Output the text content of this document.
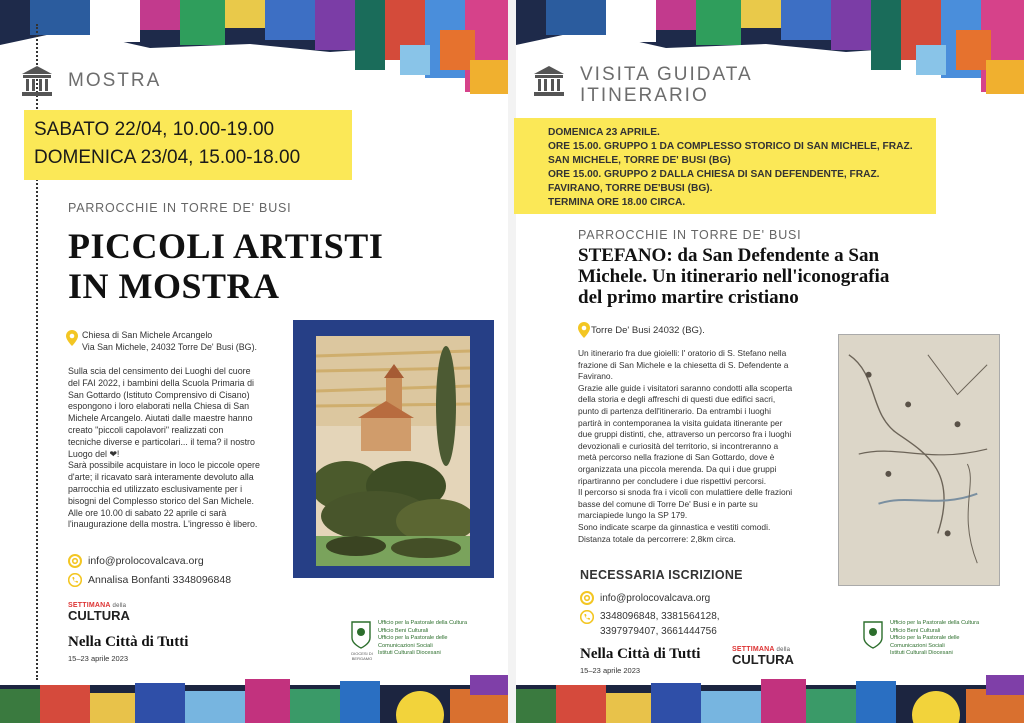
MOSTRA
SABATO 22/04, 10.00-19.00
DOMENICA 23/04, 15.00-18.00
PARROCCHIE IN TORRE DE' BUSI
PICCOLI ARTISTI
IN MOSTRA
Chiesa di San Michele Arcangelo
Via San Michele, 24032 Torre De' Busi (BG).
Sulla scia del censimento dei Luoghi del cuore
del FAI 2022, i bambini della Scuola Primaria di
San Gottardo (Istituto Comprensivo di Cisano)
espongono i loro elaborati nella Chiesa di San
Michele Arcangelo. Aiutati dalle maestre hanno
creato "piccoli capolavori" realizzati con
tecniche diverse e particolari... il tema? il nostro
Luogo del ❤!
Sarà possibile acquistare in loco le piccole opere
d'arte; il ricavato sarà interamente devoluto alla
parrocchia ed utilizzato esclusivamente per i
bisogni del Complesso storico del San Michele.
Alle ore 10.00 di sabato 22 aprile ci sarà
l'inaugurazione della mostra. L'ingresso è libero.
info@prolocovalcava.org
Annalisa Bonfanti 3348096848
SETTIMANA della
CULTURA
Nella Città di Tutti
15–23 aprile 2023
DIOCESI DI BERGAMO
Ufficio per la Pastorale della Cultura
Ufficio Beni Culturali
Ufficio per la Pastorale delle
Comunicazioni Sociali
Istituti Culturali Diocesani
VISITA GUIDATA
ITINERARIO
DOMENICA 23 APRILE.
ORE 15.00. GRUPPO 1 DA COMPLESSO STORICO DI SAN MICHELE, FRAZ.
SAN MICHELE, TORRE DE' BUSI (BG)
ORE 15.00. GRUPPO 2 DALLA CHIESA DI SAN DEFENDENTE, FRAZ.
FAVIRANO, TORRE DE'BUSI (BG).
TERMINA ORE 18.00 CIRCA.
PARROCCHIE IN TORRE DE' BUSI
STEFANO: da San Defendente a San
Michele. Un itinerario nell'iconografia
del primo martire cristiano
Torre De' Busi 24032 (BG).
Un itinerario fra due gioielli: l' oratorio di S. Stefano nella
frazione di San Michele e la chiesetta di S. Defendente a
Favirano.
Grazie alle guide i visitatori saranno condotti alla scoperta
della storia e degli affreschi di questi due edifici sacri,
punto di partenza dell'itinerario. Da entrambi i luoghi
partirà in contemporanea la visita guidata itinerante per
due gruppi distinti, che, attraverso un percorso fra i luoghi
devozionali e curiosità del territorio, si incontreranno a
metà percorso nella frazione di San Gottardo, dove è
organizzata una piccola merenda. Da qui i due gruppi
ripartiranno per concludere i due rispettivi percorsi.
Il percorso si snoda fra i vicoli con mulattiere delle frazioni
basse del comune di Torre De' Busi e in parte su
marciapiede lungo la SP 179.
Sono indicate scarpe da ginnastica e vestiti comodi.
Distanza totale da percorrere: 2,8km circa.
NECESSARIA ISCRIZIONE
info@prolocovalcava.org
3348096848, 3381564128,
3397979407, 3661444756
Nella Città di Tutti
15–23 aprile 2023
SETTIMANA della
CULTURA
Ufficio per la Pastorale della Cultura
Ufficio Beni Culturali
Ufficio per la Pastorale delle
Comunicazioni Sociali
Istituti Culturali Diocesani
